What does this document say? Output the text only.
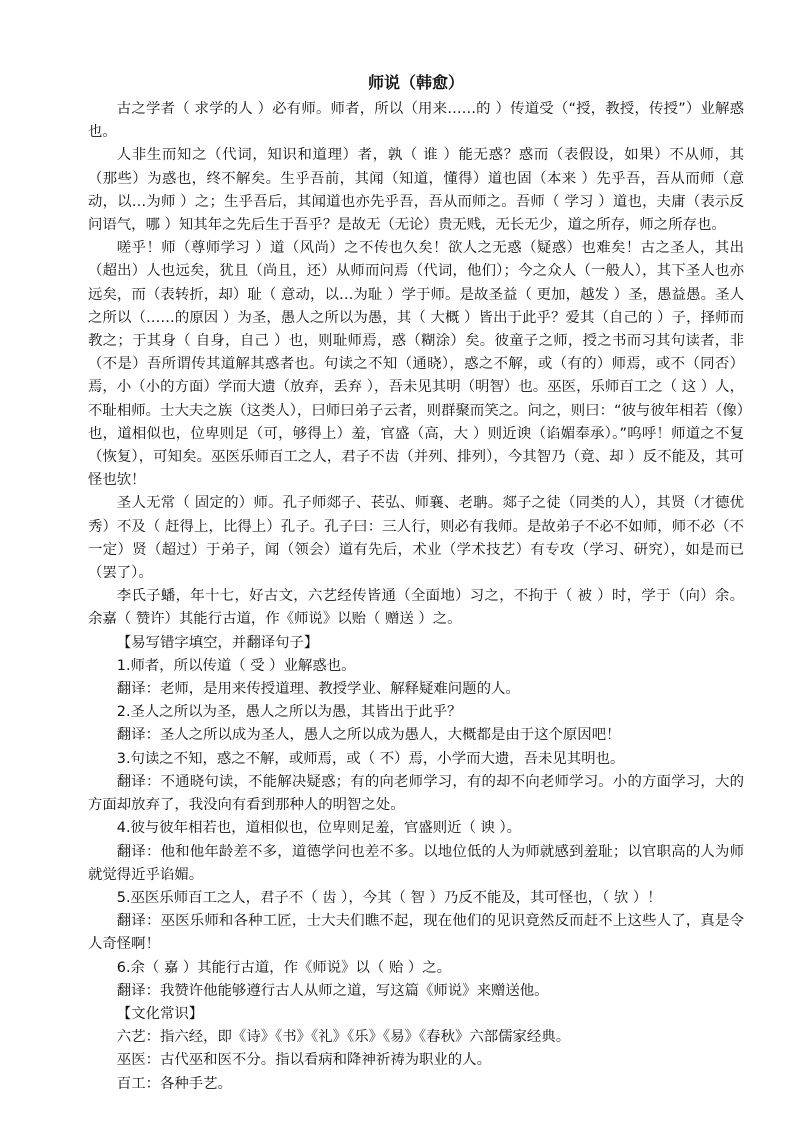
师说（韩愈）

古之学者（ 求学的人 ）必有师。师者，所以（用来……的 ）传道受（“授，教授，传授”）业解惑也。

人非生而知之（代词，知识和道理）者，孰（ 谁 ）能无惑？惑而（表假设，如果）不从师，其（那些）为惑也，终不解矣。生乎吾前，其闻（知道，懂得）道也固（本来 ）先乎吾，吾从而师（意动，以…为师 ）之；生乎吾后，其闻道也亦先乎吾，吾从而师之。吾师（ 学习 ）道也，夫庸（表示反问语气，哪 ）知其年之先后生于吾乎？是故无（无论）贵无贱，无长无少，道之所存，师之所存也。

嗟乎！师（尊师学习 ）道（风尚）之不传也久矣！欲人之无惑（疑惑）也难矣！古之圣人，其出（超出）人也远矣，犹且（尚且，还）从师而问焉（代词，他们）；今之众人（一般人），其下圣人也亦远矣，而（表转折，却）耻（ 意动，以…为耻 ）学于师。是故圣益（ 更加，越发 ）圣，愚益愚。圣人之所以（……的原因 ）为圣，愚人之所以为愚，其（ 大概 ）皆出于此乎？爱其（自己的 ）子，择师而教之；于其身（ 自身，自己 ）也，则耻师焉，惑（糊涂）矣。彼童子之师，授之书而习其句读者，非（不是）吾所谓传其道解其惑者也。句读之不知（通晓），惑之不解，或（有的）师焉，或不（同否）焉，小（小的方面）学而大遗（放弃，丢弃 ），吾未见其明（明智）也。巫医，乐师百工之（ 这 ）人，不耻相师。士大夫之族（这类人），曰师曰弟子云者，则群聚而笑之。问之，则曰：“彼与彼年相若（像）也，道相似也，位卑则足（可，够得上）羞，官盛（高，大 ）则近谀（谄媚奉承）。”呜呼！师道之不复（恢复），可知矣。巫医乐师百工之人，君子不齿（并列、排列），今其智乃（竟、却 ）反不能及，其可怪也欤！

圣人无常（ 固定的）师。孔子师郯子、苌弘、师襄、老聃。郯子之徒（同类的人），其贤（才德优秀）不及（ 赶得上，比得上）孔子。孔子曰：三人行，则必有我师。是故弟子不必不如师，师不必（不一定）贤（超过）于弟子，闻（领会）道有先后，术业（学术技艺）有专攻（学习、研究），如是而已（罢了）。

李氏子蟠，年十七，好古文，六艺经传皆通（全面地）习之，不拘于（ 被 ）时，学于（向）余。余嘉（ 赞许）其能行古道，作《师说》以贻（ 赠送 ）之。

【易写错字填空，并翻译句子】

1.师者，所以传道（ 受 ）业解惑也。

翻译：老师，是用来传授道理、教授学业、解释疑难问题的人。

2.圣人之所以为圣，愚人之所以为愚，其皆出于此乎？

翻译：圣人之所以成为圣人，愚人之所以成为愚人，大概都是由于这个原因吧！

3.句读之不知，惑之不解，或师焉，或（ 不）焉，小学而大遗，吾未见其明也。

翻译：不通晓句读，不能解决疑惑；有的向老师学习，有的却不向老师学习。小的方面学习，大的方面却放弃了，我没向有看到那种人的明智之处。

4.彼与彼年相若也，道相似也，位卑则足羞，官盛则近（ 谀 ）。

翻译：他和他年龄差不多，道德学问也差不多。以地位低的人为师就感到羞耻；以官职高的人为师就觉得近乎谄媚。

5.巫医乐师百工之人，君子不（ 齿 ），今其（ 智 ）乃反不能及，其可怪也，（ 欤 ）！

翻译：巫医乐师和各种工匠，士大夫们瞧不起，现在他们的见识竟然反而赶不上这些人了，真是令人奇怪啊！

6.余（ 嘉 ）其能行古道，作《师说》以（ 贻 ）之。

翻译：我赞许他能够遵行古人从师之道，写这篇《师说》来赠送他。

【文化常识】

六艺：指六经，即《诗》《书》《礼》《乐》《易》《春秋》六部儒家经典。

巫医：古代巫和医不分。指以看病和降神祈祷为职业的人。

百工：各种手艺。
